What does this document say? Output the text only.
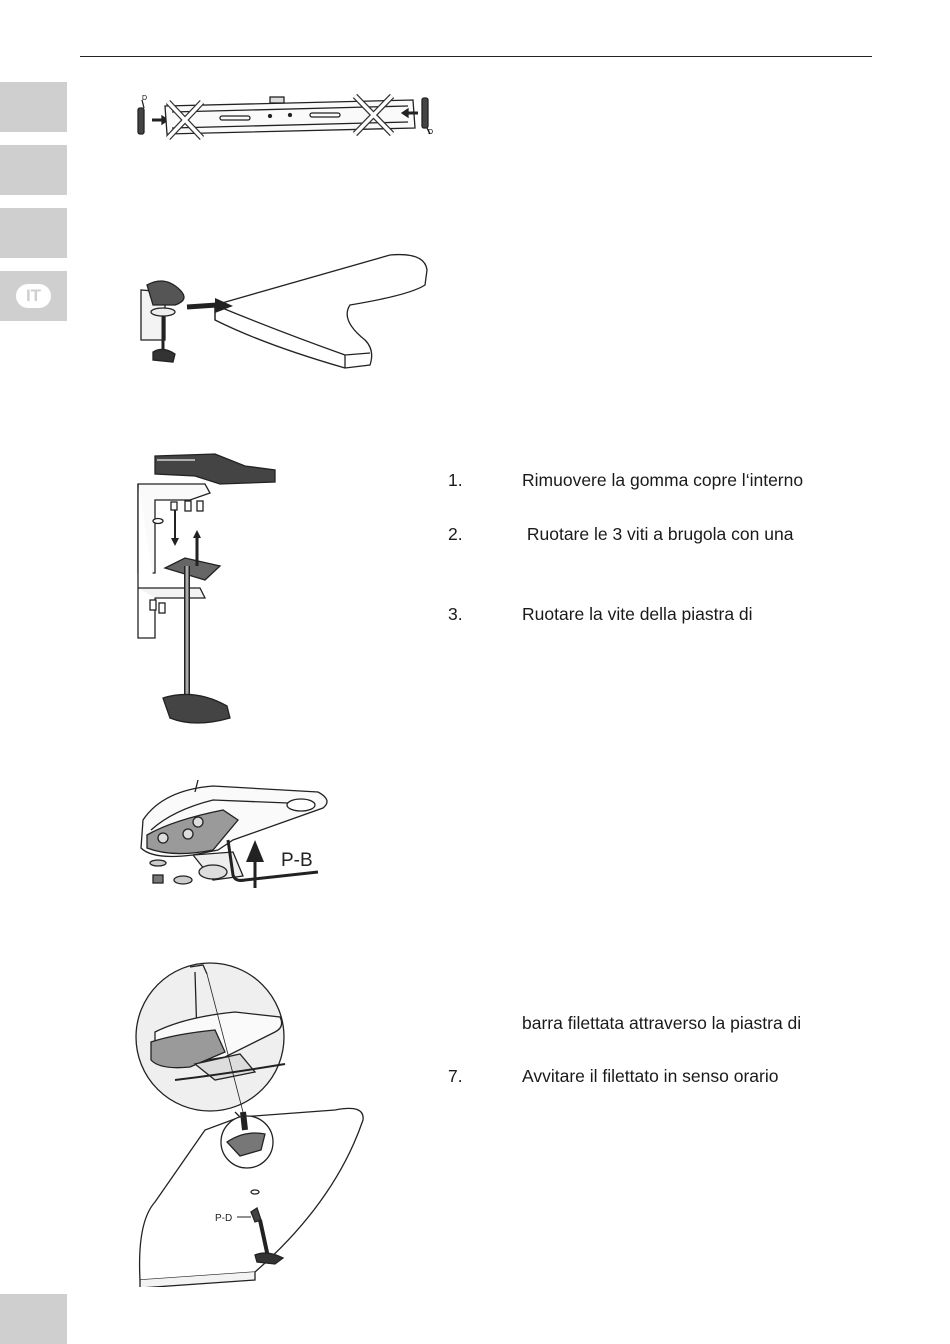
IT
D
D
P-B
P-D
1.	Rimuovere la gomma copre l‘interno
2.	Ruotare le 3 viti a brugola con una
3.	Ruotare la vite della piastra di
barra filettata attraverso la piastra di
7.	Avvitare il filettato in senso orario
